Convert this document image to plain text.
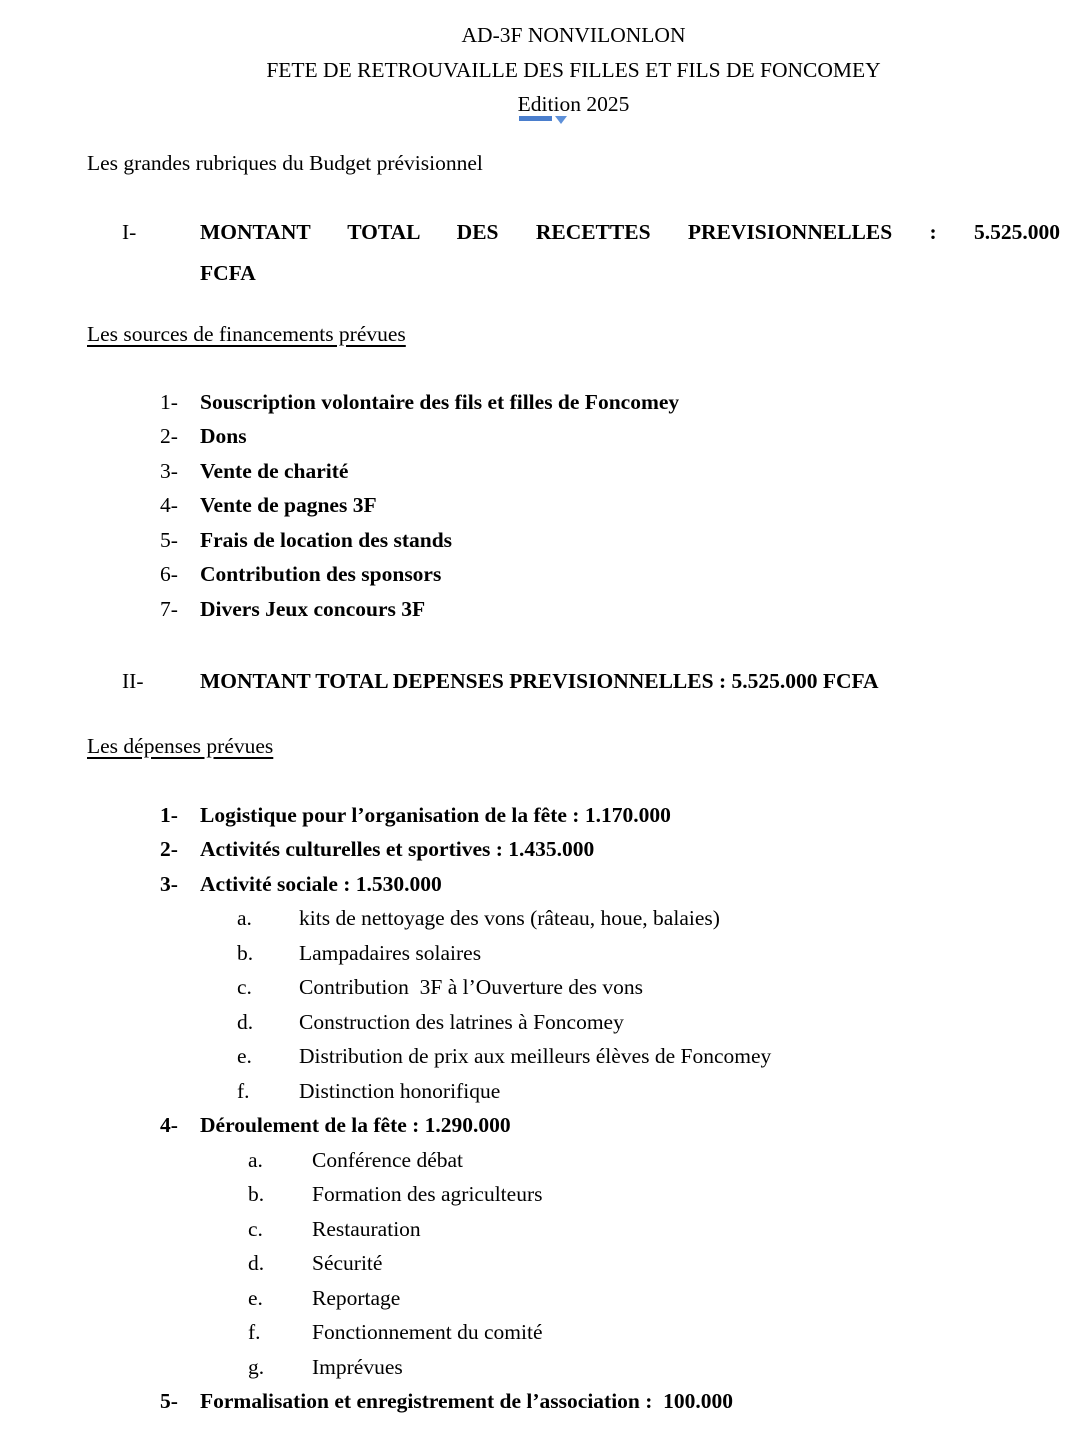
AD-3F NONVILONLON
FETE DE RETROUVAILLE DES FILLES ET FILS DE FONCOMEY
Edition 2025

Les grandes rubriques du Budget prévisionnel

I-	MONTANT TOTAL DES RECETTES PREVISIONNELLES : 5.525.000
FCFA

Les sources de financements prévues

1- Souscription volontaire des fils et filles de Foncomey
2- Dons
3- Vente de charité
4- Vente de pagnes 3F
5- Frais de location des stands
6- Contribution des sponsors
7- Divers Jeux concours 3F
II-	MONTANT TOTAL DEPENSES PREVISIONNELLES : 5.525.000 FCFA

Les dépenses prévues

1- Logistique pour l’organisation de la fête : 1.170.000
2- Activités culturelles et sportives : 1.435.000
3- Activité sociale : 1.530.000
a. kits de nettoyage des vons (râteau, houe, balaies)
b. Lampadaires solaires
c. Contribution  3F à l’Ouverture des vons
d. Construction des latrines à Foncomey
e. Distribution de prix aux meilleurs élèves de Foncomey
f. Distinction honorifique
4- Déroulement de la fête : 1.290.000
a. Conférence débat
b. Formation des agriculteurs
c. Restauration
d. Sécurité
e. Reportage
f. Fonctionnement du comité
g. Imprévues
5- Formalisation et enregistrement de l’association :  100.000
